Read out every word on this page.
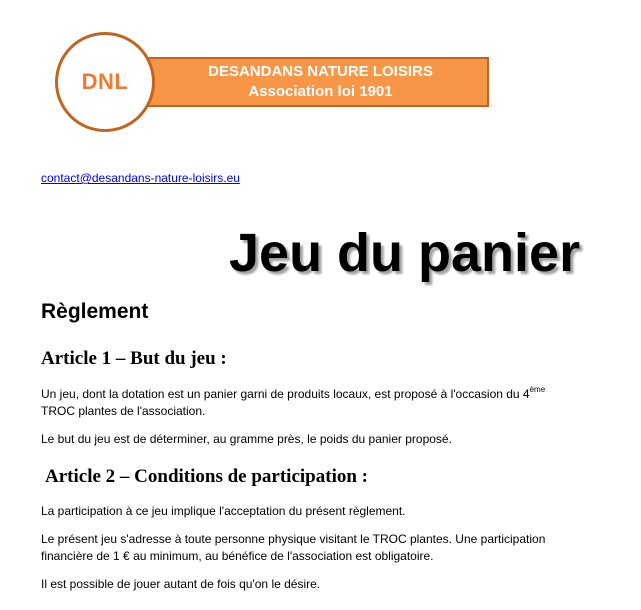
DESANDANS NATURE LOISIRS
Association loi 1901
DNL
contact@desandans-nature-loisirs.eu
Jeu du panier
Règlement
Article 1 – But du jeu :
Un jeu, dont la dotation est un panier garni de produits locaux, est proposé à l'occasion du 4ème
TROC plantes de l'association.
Le but du jeu est de déterminer, au gramme près, le poids du panier proposé.
Article 2 – Conditions de participation :
La participation à ce jeu implique l'acceptation du présent règlement.
Le présent jeu s'adresse à toute personne physique visitant le TROC plantes. Une participation
financière de 1 € au minimum, au bénéfice de l'association est obligatoire.
Il est possible de jouer autant de fois qu'on le désire.
